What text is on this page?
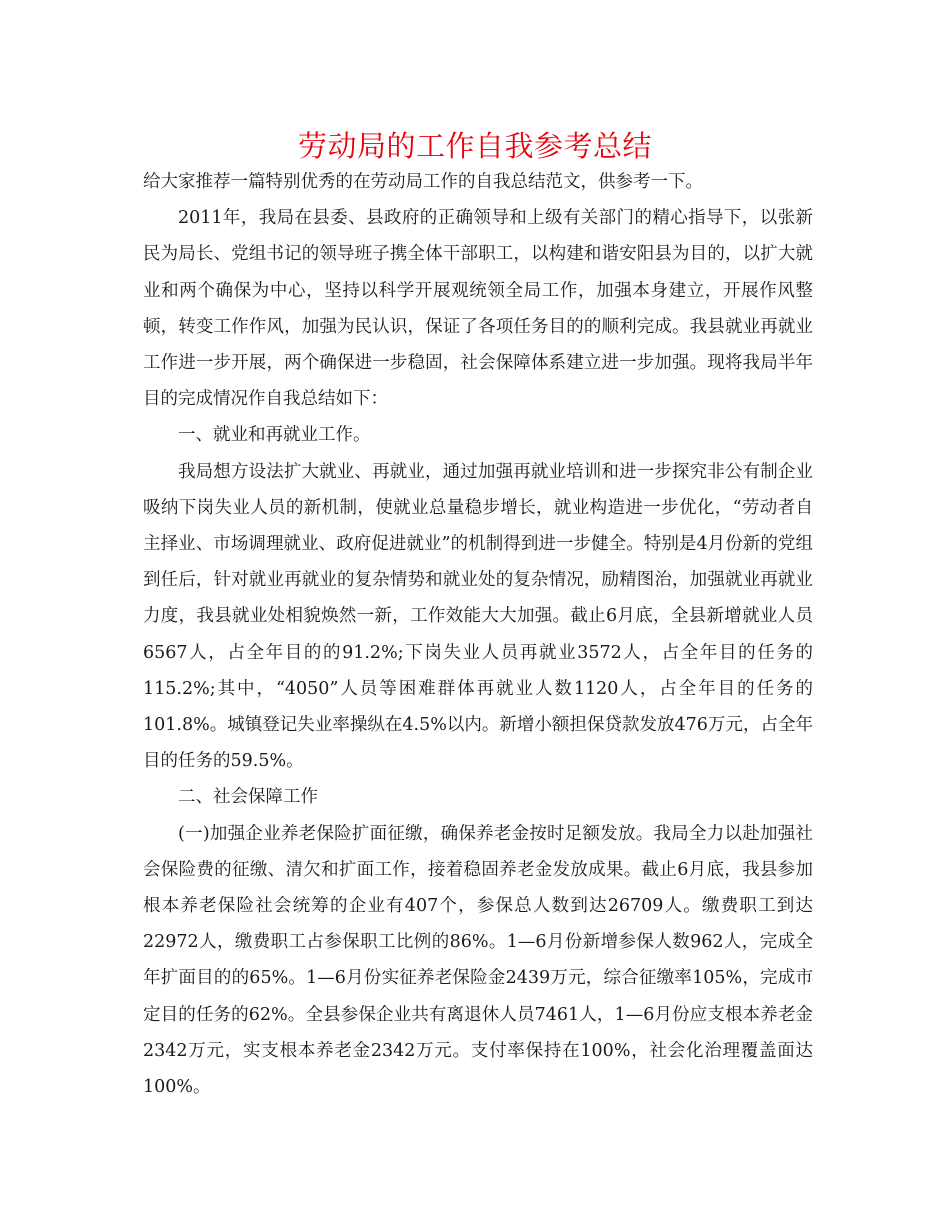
劳动局的工作自我参考总结

给大家推荐一篇特别优秀的在劳动局工作的自我总结范文，供参考一下。

2011年，我局在县委、县政府的正确领导和上级有关部门的精心指导下，以张新民为局长、党组书记的领导班子携全体干部职工，以构建和谐安阳县为目的，以扩大就业和两个确保为中心，坚持以科学开展观统领全局工作，加强本身建立，开展作风整顿，转变工作作风，加强为民认识，保证了各项任务目的的顺利完成。我县就业再就业工作进一步开展，两个确保进一步稳固，社会保障体系建立进一步加强。现将我局半年目的完成情况作自我总结如下：

一、就业和再就业工作。

我局想方设法扩大就业、再就业，通过加强再就业培训和进一步探究非公有制企业吸纳下岗失业人员的新机制，使就业总量稳步增长，就业构造进一步优化，“劳动者自主择业、市场调理就业、政府促进就业”的机制得到进一步健全。特别是4月份新的党组到任后，针对就业再就业的复杂情势和就业处的复杂情况，励精图治，加强就业再就业力度，我县就业处相貌焕然一新，工作效能大大加强。截止6月底，全县新增就业人员6567人，占全年目的的91.2%;下岗失业人员再就业3572人，占全年目的任务的115.2%;其中，“4050”人员等困难群体再就业人数1120人，占全年目的任务的101.8%。城镇登记失业率操纵在4.5%以内。新增小额担保贷款发放476万元，占全年目的任务的59.5%。

二、社会保障工作

(一)加强企业养老保险扩面征缴，确保养老金按时足额发放。我局全力以赴加强社会保险费的征缴、清欠和扩面工作，接着稳固养老金发放成果。截止6月底，我县参加根本养老保险社会统筹的企业有407个，参保总人数到达26709人。缴费职工到达22972人，缴费职工占参保职工比例的86%。1—6月份新增参保人数962人，完成全年扩面目的的65%。1—6月份实征养老保险金2439万元，综合征缴率105%，完成市定目的任务的62%。全县参保企业共有离退休人员7461人，1—6月份应支根本养老金2342万元，实支根本养老金2342万元。支付率保持在100%，社会化治理覆盖面达100%。
